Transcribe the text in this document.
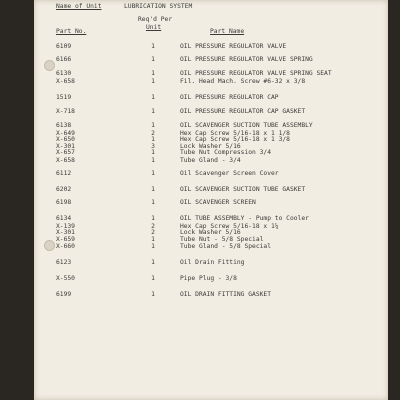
Name of Unit	LUBRICATION SYSTEM
Part No.
Req'd Per
Unit
Part Name
6109	1	OIL PRESSURE REGULATOR VALVE
6166	1	OIL PRESSURE REGULATOR VALVE SPRING
6130	1	OIL PRESSURE REGULATOR VALVE SPRING SEAT
X-658	1	Fil. Head Mach. Screw #6-32 x 3/8
1519	1	OIL PRESSURE REGULATOR CAP
X-718	1	OIL PRESSURE REGULATOR CAP GASKET
6138	1	OIL SCAVENGER SUCTION TUBE ASSEMBLY
X-649	2	Hex Cap Screw 5/16-18 x 1 1/8
X-650	1	Hex Cap Screw 5/16-18 x 1 3/8
X-301	3	Lock Washer 5/16
X-657	1	Tube Nut Compression 3/4
X-658	1	Tube Gland - 3/4
6112	1	Oil Scavenger Screen Cover
6202	1	OIL SCAVENGER SUCTION TUBE GASKET
6198	1	OIL SCAVENGER SCREEN
6134	1	OIL TUBE ASSEMBLY - Pump to Cooler
X-139	2	Hex Cap Screw 5/16-18 x 1¼
X-301	2	Lock Washer 5/16
X-659	1	Tube Nut - 5/8 Special
X-660	1	Tube Gland - 5/8 Special
6123	1	Oil Drain Fitting
X-550	1	Pipe Plug - 3/8
6199	1	OIL DRAIN FITTING GASKET
